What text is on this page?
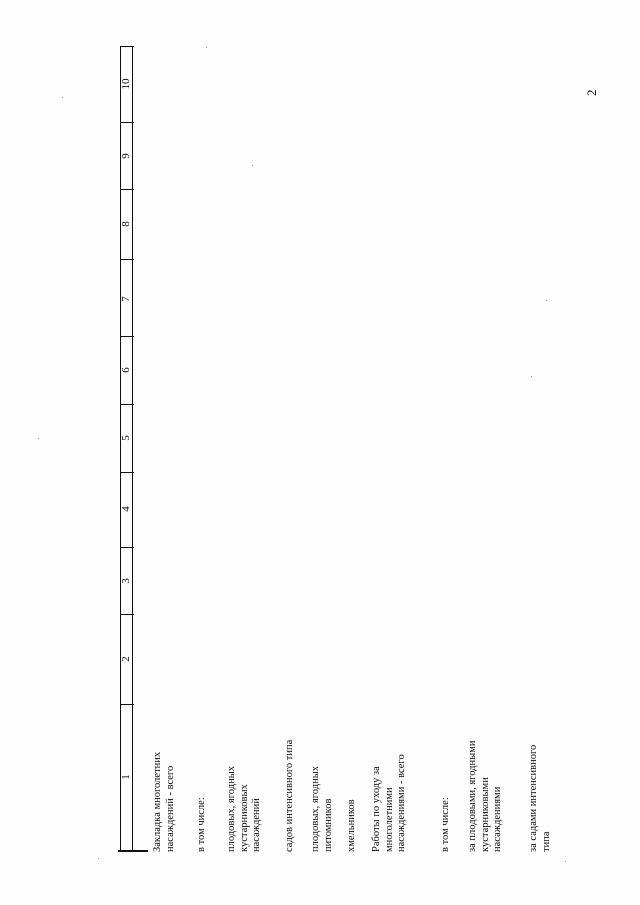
2
1
2
3
4
5
6
7
8
9
10
Закладка многолетних
насаждений - всего
в том числе: плодовых, ягодных
кустарниковых
насаждений садов интенсивного типа плодовых, ягодных
питомников хмельников Работы по уходу за
многолетними
насаждениями - всего
в том числе: за плодовыми, ягодными
кустарниковыми
насаждениями за садами интенсивного
типа
